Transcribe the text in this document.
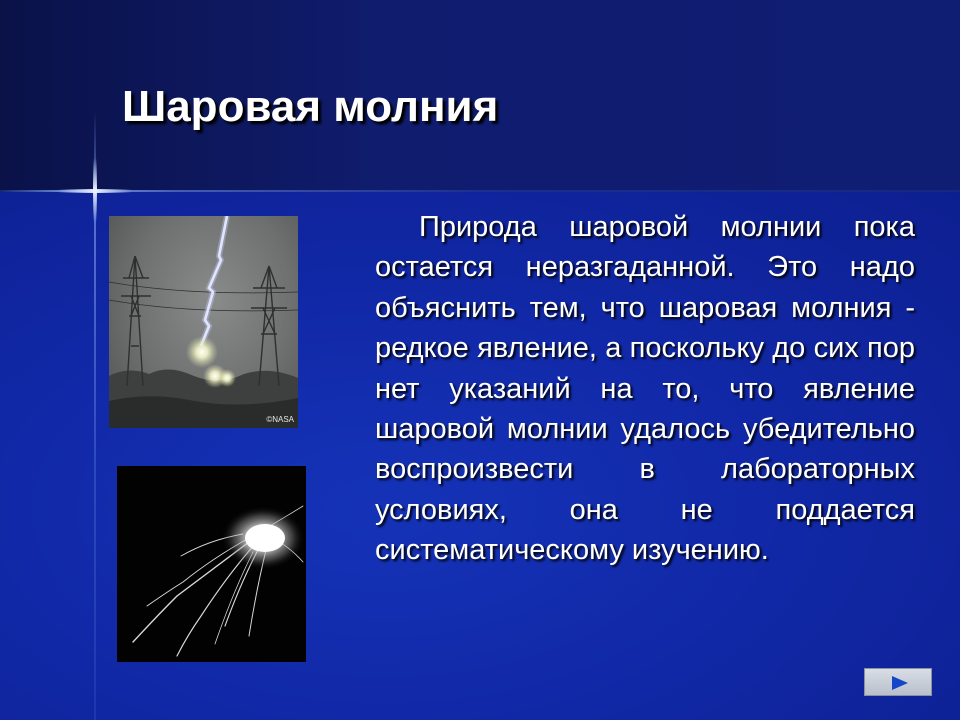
Шаровая молния
©NASA

Природа шаровой молнии пока остается неразгаданной. Это надо объяснить тем, что шаровая молния - редкое явление, а поскольку до сих пор нет указаний на то, что явление шаровой молнии удалось убедительно воспроизвести в лабораторных условиях, она не поддается систематическому изучению.
